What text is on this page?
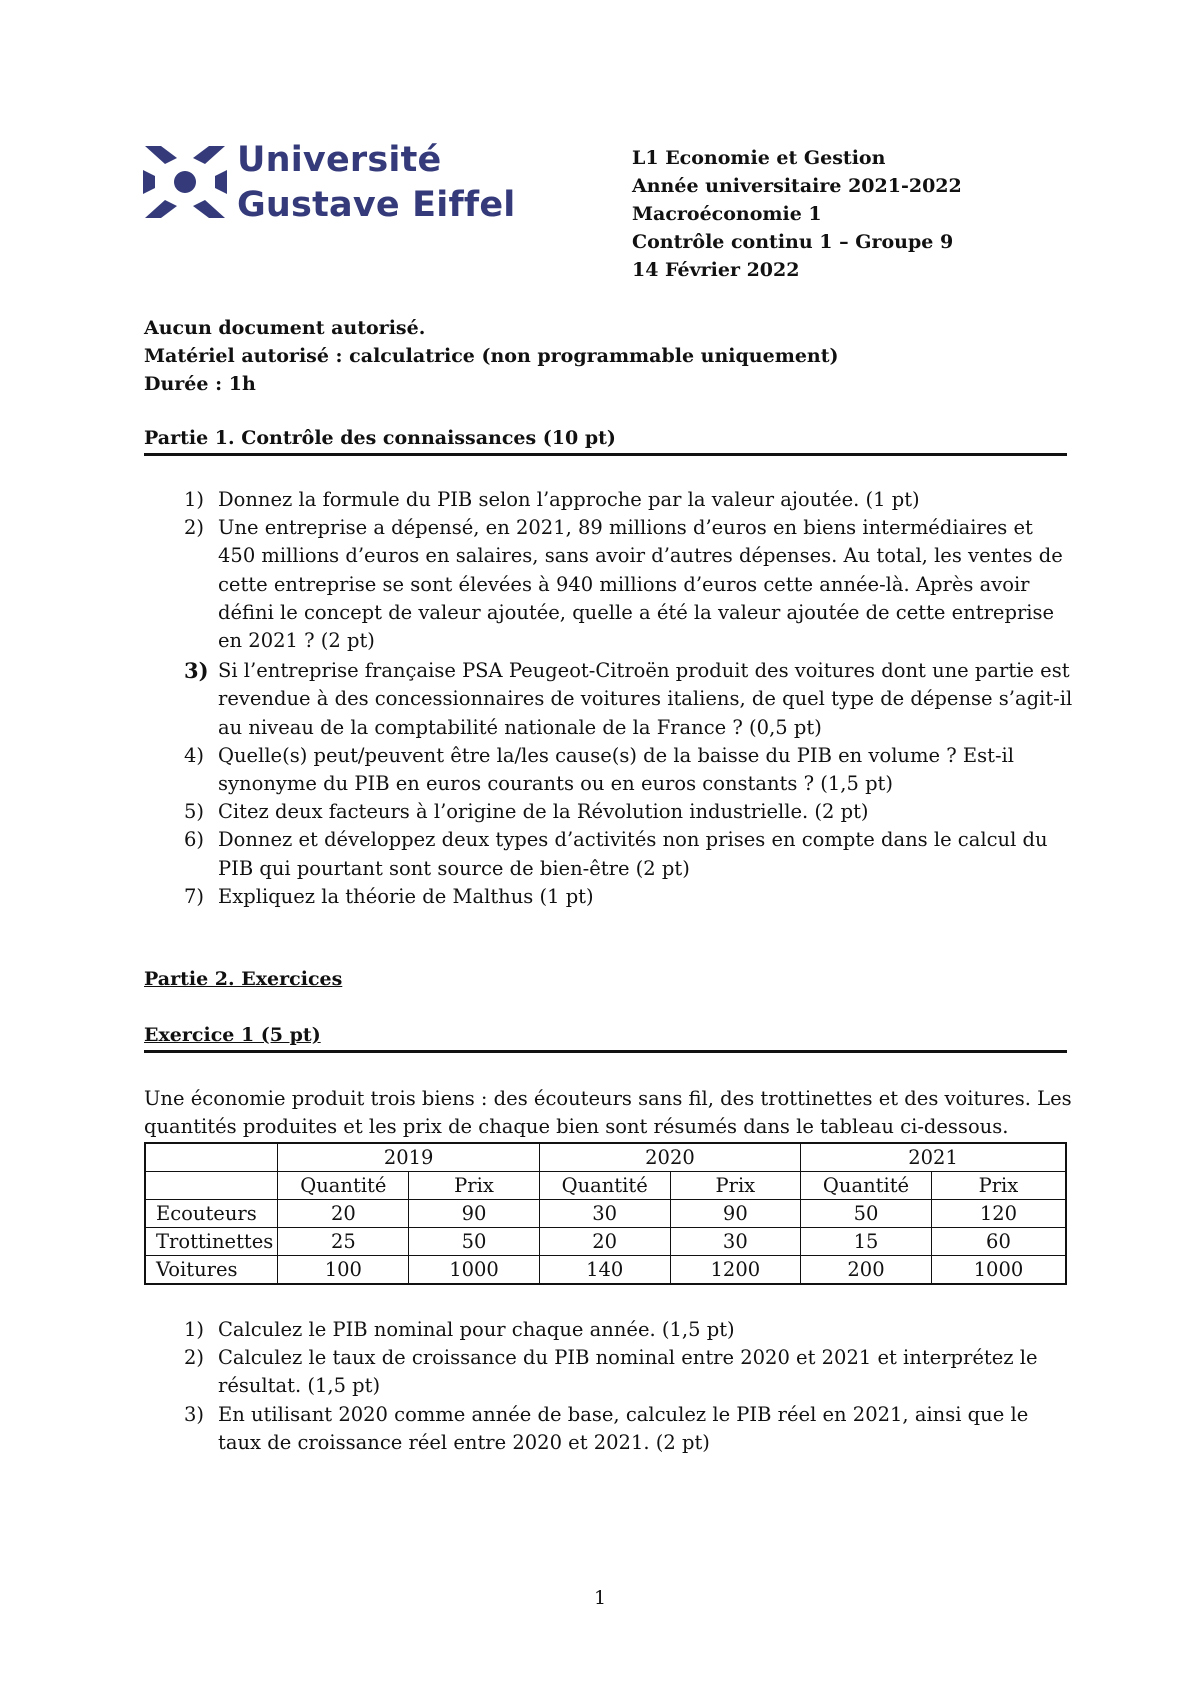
Université
Gustave Eiffel
L1 Economie et Gestion
Année universitaire 2021-2022
Macroéconomie 1
Contrôle continu 1 – Groupe 9
14 Février 2022
Aucun document autorisé.
Matériel autorisé : calculatrice (non programmable uniquement)
Durée : 1h
Partie 1. Contrôle des connaissances (10 pt)
1) Donnez la formule du PIB selon l’approche par la valeur ajoutée. (1 pt)
2) Une entreprise a dépensé, en 2021, 89 millions d’euros en biens intermédiaires et 450 millions d’euros en salaires, sans avoir d’autres dépenses. Au total, les ventes de cette entreprise se sont élevées à 940 millions d’euros cette année-là. Après avoir défini le concept de valeur ajoutée, quelle a été la valeur ajoutée de cette entreprise en 2021 ? (2 pt)
3) Si l’entreprise française PSA Peugeot-Citroën produit des voitures dont une partie est revendue à des concessionnaires de voitures italiens, de quel type de dépense s’agit-il au niveau de la comptabilité nationale de la France ? (0,5 pt)
4) Quelle(s) peut/peuvent être la/les cause(s) de la baisse du PIB en volume ? Est-il synonyme du PIB en euros courants ou en euros constants ? (1,5 pt)
5) Citez deux facteurs à l’origine de la Révolution industrielle. (2 pt)
6) Donnez et développez deux types d’activités non prises en compte dans le calcul du PIB qui pourtant sont source de bien-être (2 pt)
7) Expliquez la théorie de Malthus (1 pt)
Partie 2. Exercices
Exercice 1 (5 pt)
Une économie produit trois biens : des écouteurs sans fil, des trottinettes et des voitures. Les quantités produites et les prix de chaque bien sont résumés dans le tableau ci-dessous.
	2019		2020		2021	
	Quantité	Prix	Quantité	Prix	Quantité	Prix
Ecouteurs	20	90	30	90	50	120
Trottinettes	25	50	20	30	15	60
Voitures	100	1000	140	1200	200	1000
1) Calculez le PIB nominal pour chaque année. (1,5 pt)
2) Calculez le taux de croissance du PIB nominal entre 2020 et 2021 et interprétez le résultat. (1,5 pt)
3) En utilisant 2020 comme année de base, calculez le PIB réel en 2021, ainsi que le taux de croissance réel entre 2020 et 2021. (2 pt)
1
